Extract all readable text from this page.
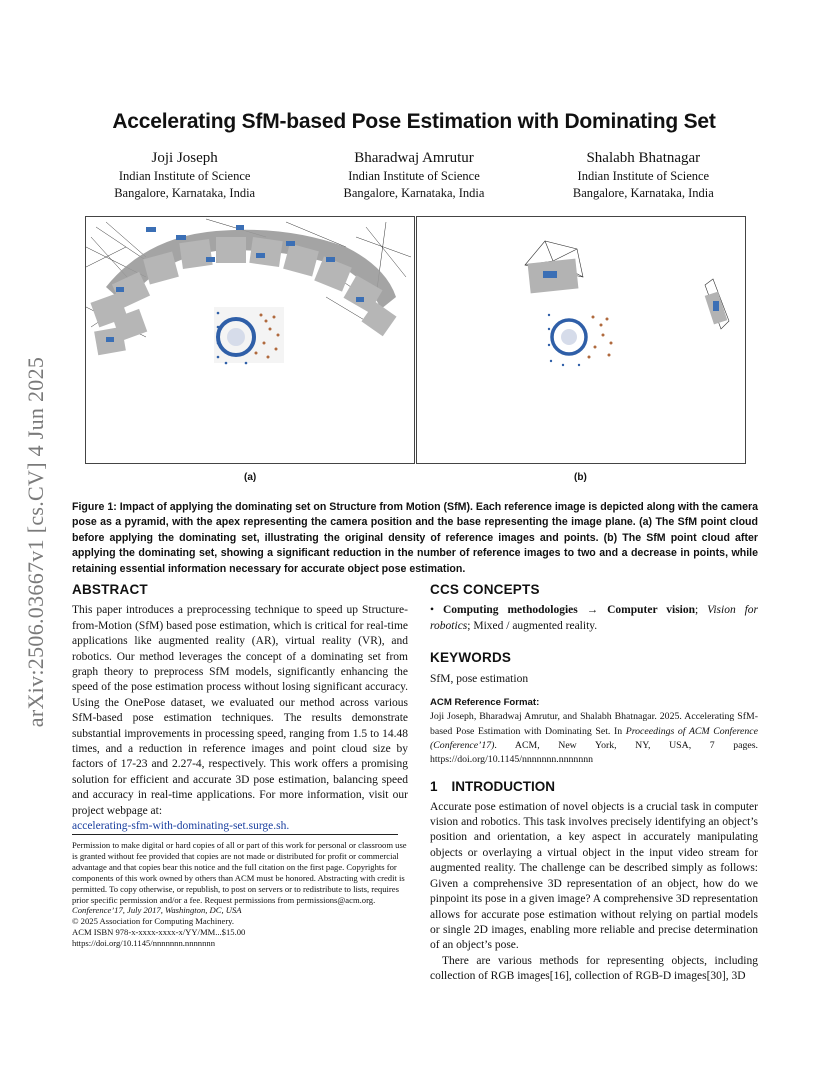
arXiv:2506.03667v1 [cs.CV] 4 Jun 2025
Accelerating SfM-based Pose Estimation with Dominating Set
Joji Joseph
Indian Institute of Science
Bangalore, Karnataka, India
Bharadwaj Amrutur
Indian Institute of Science
Bangalore, Karnataka, India
Shalabh Bhatnagar
Indian Institute of Science
Bangalore, Karnataka, India
(a)	(b)
Figure 1: Impact of applying the dominating set on Structure from Motion (SfM). Each reference image is depicted along with the camera pose as a pyramid, with the apex representing the camera position and the base representing the image plane. (a) The SfM point cloud before applying the dominating set, illustrating the original density of reference images and points. (b) The SfM point cloud after applying the dominating set, showing a significant reduction in the number of reference images to two and a decrease in points, while retaining essential information necessary for accurate object pose estimation.
ABSTRACT

This paper introduces a preprocessing technique to speed up Structure-from-Motion (SfM) based pose estimation, which is critical for real-time applications like augmented reality (AR), virtual reality (VR), and robotics. Our method leverages the concept of a dominating set from graph theory to preprocess SfM models, significantly enhancing the speed of the pose estimation process without losing significant accuracy. Using the OnePose dataset, we evaluated our method across various SfM-based pose estimation techniques. The results demonstrate substantial improvements in processing speed, ranging from 1.5 to 14.48 times, and a reduction in reference images and point cloud size by factors of 17-23 and 2.27-4, respectively. This work offers a promising solution for efficient and accurate 3D pose estimation, balancing speed and accuracy in real-time applications. For more information, visit our project webpage at:
accelerating-sfm-with-dominating-set.surge.sh.

Permission to make digital or hard copies of all or part of this work for personal or classroom use is granted without fee provided that copies are not made or distributed for profit or commercial advantage and that copies bear this notice and the full citation on the first page. Copyrights for components of this work owned by others than ACM must be honored. Abstracting with credit is permitted. To copy otherwise, or republish, to post on servers or to redistribute to lists, requires prior specific permission and/or a fee. Request permissions from permissions@acm.org.

Conference’17, July 2017, Washington, DC, USA

© 2025 Association for Computing Machinery.

ACM ISBN 978-x-xxxx-xxxx-x/YY/MM...$15.00

https://doi.org/10.1145/nnnnnnn.nnnnnnn

CCS CONCEPTS

• Computing methodologies → Computer vision; Vision for robotics; Mixed / augmented reality.

KEYWORDS

SfM, pose estimation

ACM Reference Format:

Joji Joseph, Bharadwaj Amrutur, and Shalabh Bhatnagar. 2025. Accelerating SfM-based Pose Estimation with Dominating Set. In Proceedings of ACM Conference (Conference’17). ACM, New York, NY, USA, 7 pages. https://doi.org/10.1145/nnnnnnn.nnnnnnn

1 INTRODUCTION

Accurate pose estimation of novel objects is a crucial task in computer vision and robotics. This task involves precisely identifying an object’s position and orientation, a key aspect in accurately manipulating objects or overlaying a virtual object in the input video stream for augmented reality. The challenge can be described simply as follows: Given a comprehensive 3D representation of an object, how do we pinpoint its pose in a given image? A comprehensive 3D representation allows for accurate pose estimation without relying on partial models or single 2D images, enabling more reliable and precise determination of an object’s pose.

There are various methods for representing objects, including collection of RGB images[16], collection of RGB-D images[30], 3D
